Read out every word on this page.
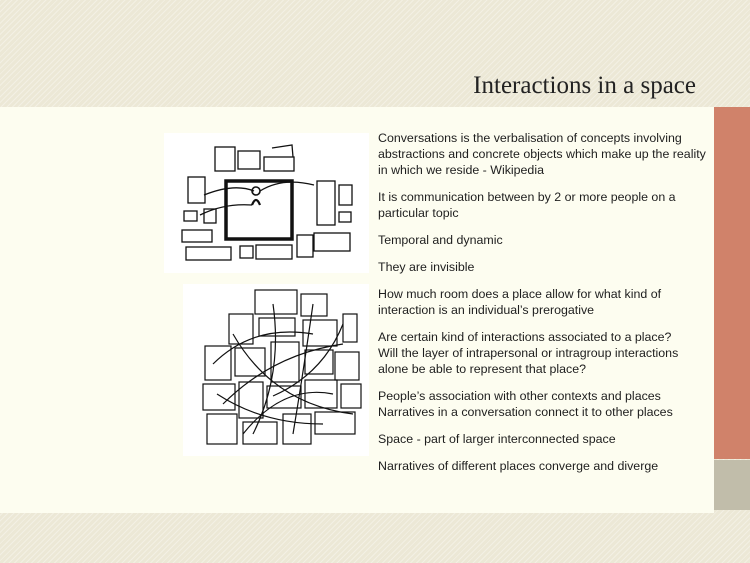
Interactions in a space
Conversations is the verbalisation of concepts involving abstractions and concrete objects which make up the reality in which we reside - Wikipedia
It is communication between by 2 or more people on a particular topic
Temporal and dynamic
They are invisible
How much room does a place allow for what kind of interaction is an individual’s prerogative
Are certain kind of interactions associated to a place?
Will the layer of intrapersonal or intragroup interactions alone be able to represent that place?
People’s association with other contexts and places
Narratives in a conversation connect it to other places
Space - part of larger interconnected space
Narratives of different places converge and diverge
